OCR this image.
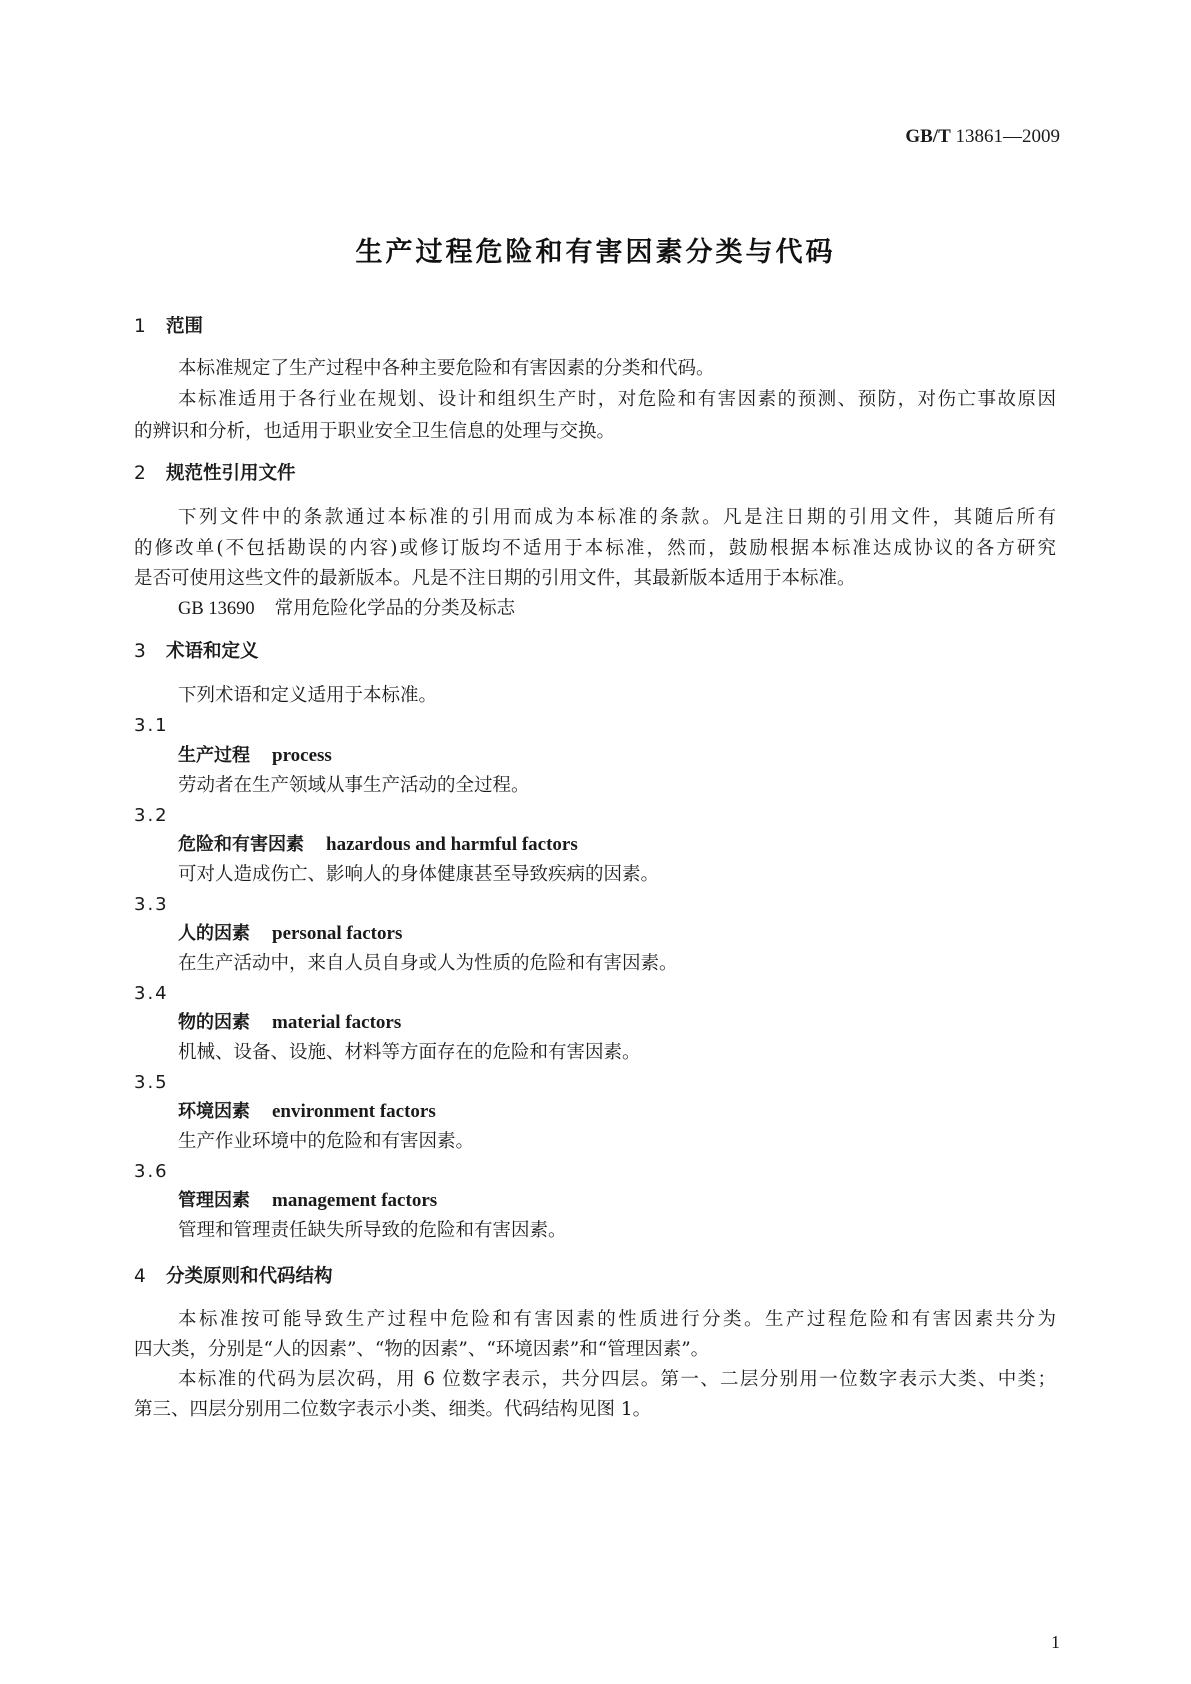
GB/T 13861—2009
生产过程危险和有害因素分类与代码
1 范围
本标准规定了生产过程中各种主要危险和有害因素的分类和代码。
本标准适用于各行业在规划、设计和组织生产时，对危险和有害因素的预测、预防，对伤亡事故原因
的辨识和分析，也适用于职业安全卫生信息的处理与交换。
2 规范性引用文件
下列文件中的条款通过本标准的引用而成为本标准的条款。凡是注日期的引用文件，其随后所有
的修改单(不包括勘误的内容)或修订版均不适用于本标准，然而，鼓励根据本标准达成协议的各方研究
是否可使用这些文件的最新版本。凡是不注日期的引用文件，其最新版本适用于本标准。
GB 13690 常用危险化学品的分类及标志
3 术语和定义
下列术语和定义适用于本标准。
3.1
生产过程 process
劳动者在生产领域从事生产活动的全过程。
3.2
危险和有害因素 hazardous and harmful factors
可对人造成伤亡、影响人的身体健康甚至导致疾病的因素。
3.3
人的因素 personal factors
在生产活动中，来自人员自身或人为性质的危险和有害因素。
3.4
物的因素 material factors
机械、设备、设施、材料等方面存在的危险和有害因素。
3.5
环境因素 environment factors
生产作业环境中的危险和有害因素。
3.6
管理因素 management factors
管理和管理责任缺失所导致的危险和有害因素。
4 分类原则和代码结构
本标准按可能导致生产过程中危险和有害因素的性质进行分类。生产过程危险和有害因素共分为
四大类，分别是“人的因素”、“物的因素”、“环境因素”和“管理因素”。
本标准的代码为层次码，用 6 位数字表示，共分四层。第一、二层分别用一位数字表示大类、中类；
第三、四层分别用二位数字表示小类、细类。代码结构见图 1。
1
